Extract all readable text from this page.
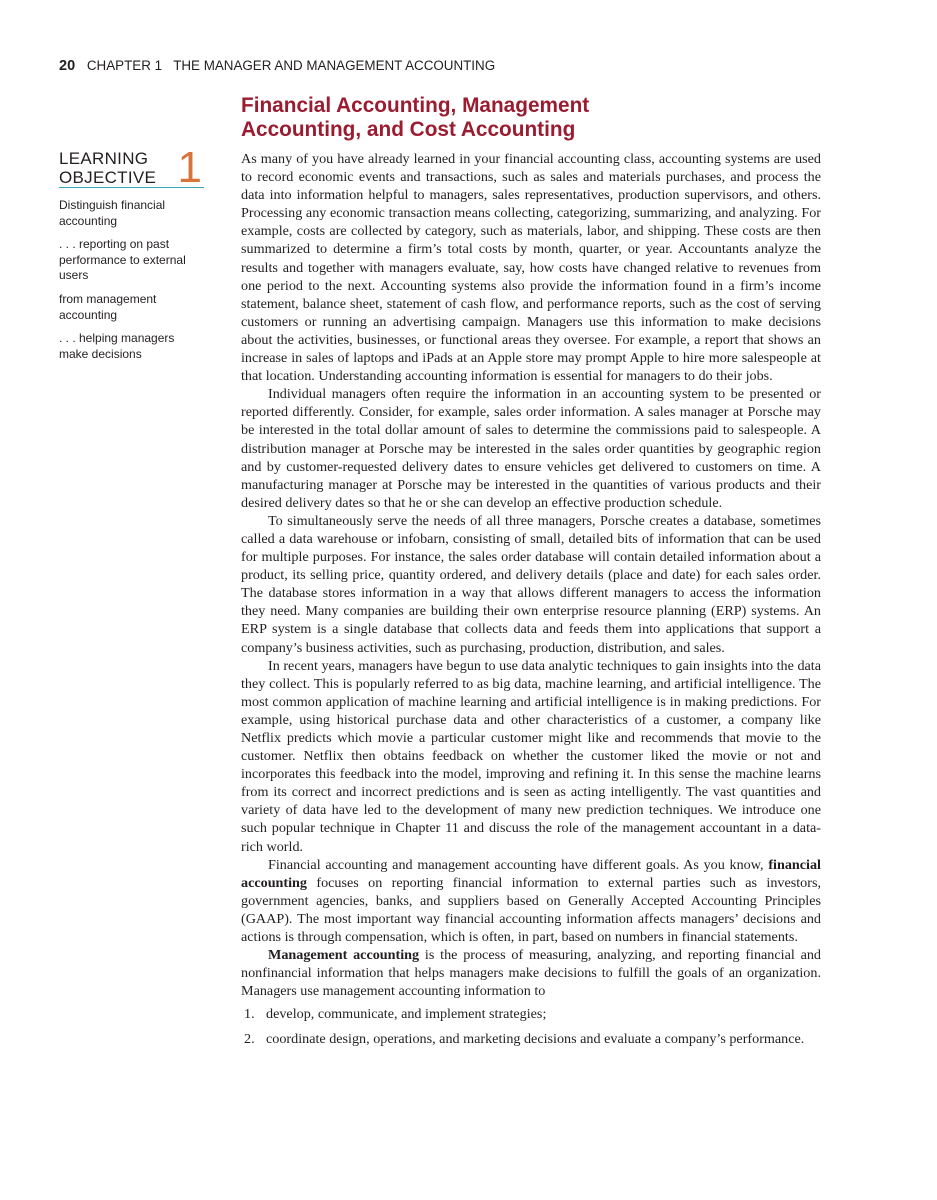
20 CHAPTER 1 THE MANAGER AND MANAGEMENT ACCOUNTING
Financial Accounting, Management
Accounting, and Cost Accounting
LEARNING
OBJECTIVE 1
Distinguish financial accounting
. . . reporting on past performance to external users
from management accounting
. . . helping managers make decisions

As many of you have already learned in your financial accounting class, accounting systems are used to record economic events and transactions, such as sales and materials purchases, and process the data into information helpful to managers, sales representatives, production supervisors, and others. Processing any economic transaction means collecting, categorizing, summarizing, and analyzing. For example, costs are collected by category, such as materials, labor, and shipping. These costs are then summarized to determine a firm’s total costs by month, quarter, or year. Accountants analyze the results and together with managers evaluate, say, how costs have changed relative to revenues from one period to the next. Accounting systems also provide the information found in a firm’s income statement, balance sheet, statement of cash flow, and performance reports, such as the cost of serving customers or running an advertising campaign. Managers use this information to make decisions about the activities, businesses, or functional areas they oversee. For example, a report that shows an increase in sales of laptops and iPads at an Apple store may prompt Apple to hire more salespeople at that location. Understanding accounting information is essential for managers to do their jobs.

Individual managers often require the information in an accounting system to be presented or reported differently. Consider, for example, sales order information. A sales manager at Porsche may be interested in the total dollar amount of sales to determine the commissions paid to salespeople. A distribution manager at Porsche may be interested in the sales order quantities by geographic region and by customer-requested delivery dates to ensure vehicles get delivered to customers on time. A manufacturing manager at Porsche may be interested in the quantities of various products and their desired delivery dates so that he or she can develop an effective production schedule.

To simultaneously serve the needs of all three managers, Porsche creates a database, sometimes called a data warehouse or infobarn, consisting of small, detailed bits of information that can be used for multiple purposes. For instance, the sales order database will contain detailed information about a product, its selling price, quantity ordered, and delivery details (place and date) for each sales order. The database stores information in a way that allows different managers to access the information they need. Many companies are building their own enterprise resource planning (ERP) systems. An ERP system is a single database that collects data and feeds them into applications that support a company’s business activities, such as purchasing, production, distribution, and sales.

In recent years, managers have begun to use data analytic techniques to gain insights into the data they collect. This is popularly referred to as big data, machine learning, and artificial intelligence. The most common application of machine learning and artificial intelligence is in making predictions. For example, using historical purchase data and other characteristics of a customer, a company like Netflix predicts which movie a particular customer might like and recommends that movie to the customer. Netflix then obtains feedback on whether the customer liked the movie or not and incorporates this feedback into the model, improving and refining it. In this sense the machine learns from its correct and incorrect predictions and is seen as acting intelligently. The vast quantities and variety of data have led to the development of many new prediction techniques. We introduce one such popular technique in Chapter 11 and discuss the role of the management accountant in a data-rich world.

Financial accounting and management accounting have different goals. As you know, financial accounting focuses on reporting financial information to external parties such as investors, government agencies, banks, and suppliers based on Generally Accepted Accounting Principles (GAAP). The most important way financial accounting information affects managers’ decisions and actions is through compensation, which is often, in part, based on numbers in financial statements.

Management accounting is the process of measuring, analyzing, and reporting financial and nonfinancial information that helps managers make decisions to fulfill the goals of an organization. Managers use management accounting information to

1. develop, communicate, and implement strategies;
2. coordinate design, operations, and marketing decisions and evaluate a company’s performance.
